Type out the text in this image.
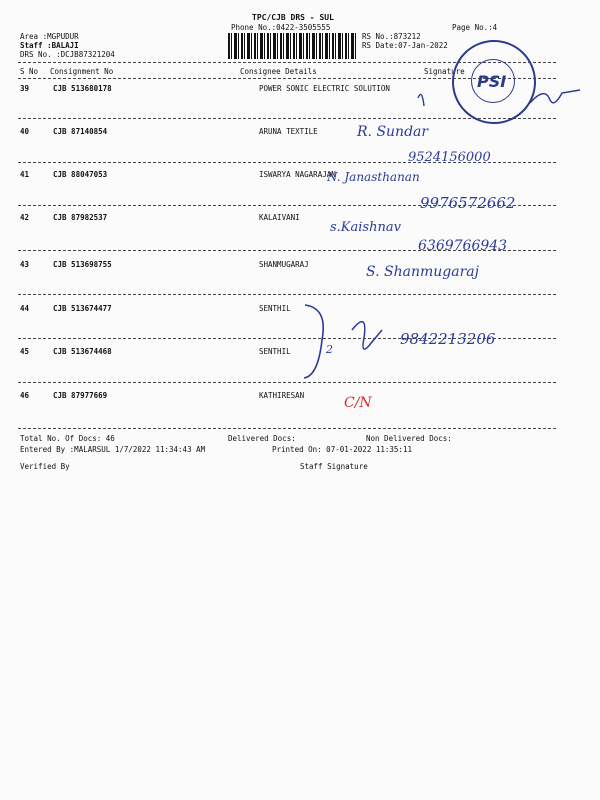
TPC/CJB DRS - SUL
Phone No.:0422-3505555	Page No.:4
Area :MGPUDUR
Staff :BALAJI
DRS No. :DCJB87321204
RS No.:873212
RS Date:07-Jan-2022
S No Consignment No	Consignee Details	Signature
39	CJB 513680178	POWER SONIC ELECTRIC SOLUTION
40	CJB 87140854	ARUNA TEXTILE
41	CJB 88047053	ISWARYA NAGARAJAN
42	CJB 87982537	KALAIVANI
43	CJB 513698755	SHANMUGARAJ
44	CJB 513674477	SENTHIL
45	CJB 513674468	SENTHIL
46	CJB 87977669	KATHIRESAN
R. Sundar
9524156000
N. Janasthanan
9976572662
s.Kaishnav
6369766943
S. Shanmugaraj
2
9842213206
C/N
PSI
Total No. Of Docs: 46	Delivered Docs:	Non Delivered Docs:
Entered By :MALARSUL 1/7/2022 11:34:43 AM	Printed On: 07-01-2022 11:35:11
Verified By	Staff Signature
